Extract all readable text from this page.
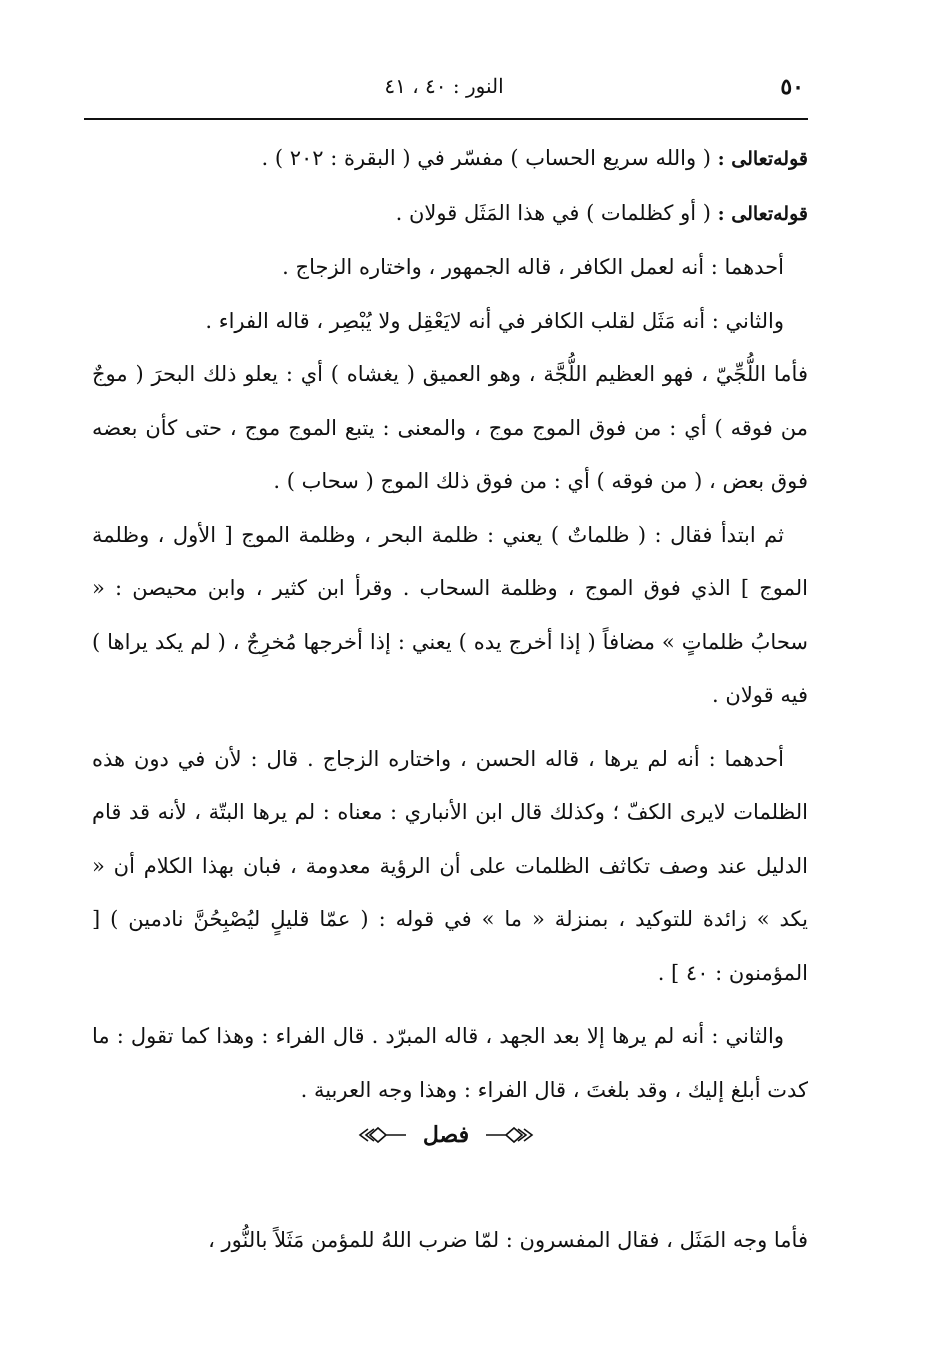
٥٠
النور : ٤٠ ، ٤١

قوله‌تعالى : ( والله سريع الحساب ) مفسّر في ( البقرة : ٢٠٢ ) .

قوله‌تعالى : ( أو كظلمات ) في هذا المَثَل قولان .

أحدهما : أنه لعمل الكافر ، قاله الجمهور ، واختاره الزجاج .

والثاني : أنه مَثَل لقلب الكافر في أنه لايَعْقِل ولا يُبْصِر ، قاله الفراء .

فأما اللُّجِّيّ ، فهو العظيم اللُّجَّة ، وهو العميق ( يغشاه ) أي : يعلو ذلك البحرَ ( موجٌ من فوقه ) أي : من فوق الموج موج ، والمعنى : يتبع الموج موج ، حتى كأن بعضه فوق بعض ، ( من فوقه ) أي : من فوق ذلك الموج ( سحاب ) .

ثم ابتدأ فقال : ( ظلماتٌ ) يعني : ظلمة البحر ، وظلمة الموج [ الأول ، وظلمة الموج ] الذي فوق الموج ، وظلمة السحاب . وقرأ ابن كثير ، وابن محيصن : « سحابُ ظلماتٍ » مضافاً ( إذا أخرج يده ) يعني : إذا أخرجها مُخرِجٌ ، ( لم يكد يراها ) فيه قولان .

أحدهما : أنه لم يرها ، قاله الحسن ، واختاره الزجاج . قال : لأن في دون هذه الظلمات لايرى الكفّ ؛ وكذلك قال ابن الأنباري : معناه : لم يرها البتّة ، لأنه قد قام الدليل عند وصف تكاثف الظلمات على أن الرؤية معدومة ، فبان بهذا الكلام أن « يكد » زائدة للتوكيد ، بمنزلة « ما » في قوله : ( عمّا قليلٍ ليُصْبِحُنَّ نادمين ) [ المؤمنون : ٤٠ ] .

والثاني : أنه لم يرها إلا بعد الجهد ، قاله المبرّد . قال الفراء : وهذا كما تقول : ما كدت أبلغ إليك ، وقد بلغتَ ، قال الفراء : وهذا وجه العربية .

فصل

فأما وجه المَثَل ، فقال المفسرون : لمّا ضرب اللهُ للمؤمن مَثَلاً بالنُّور ،
